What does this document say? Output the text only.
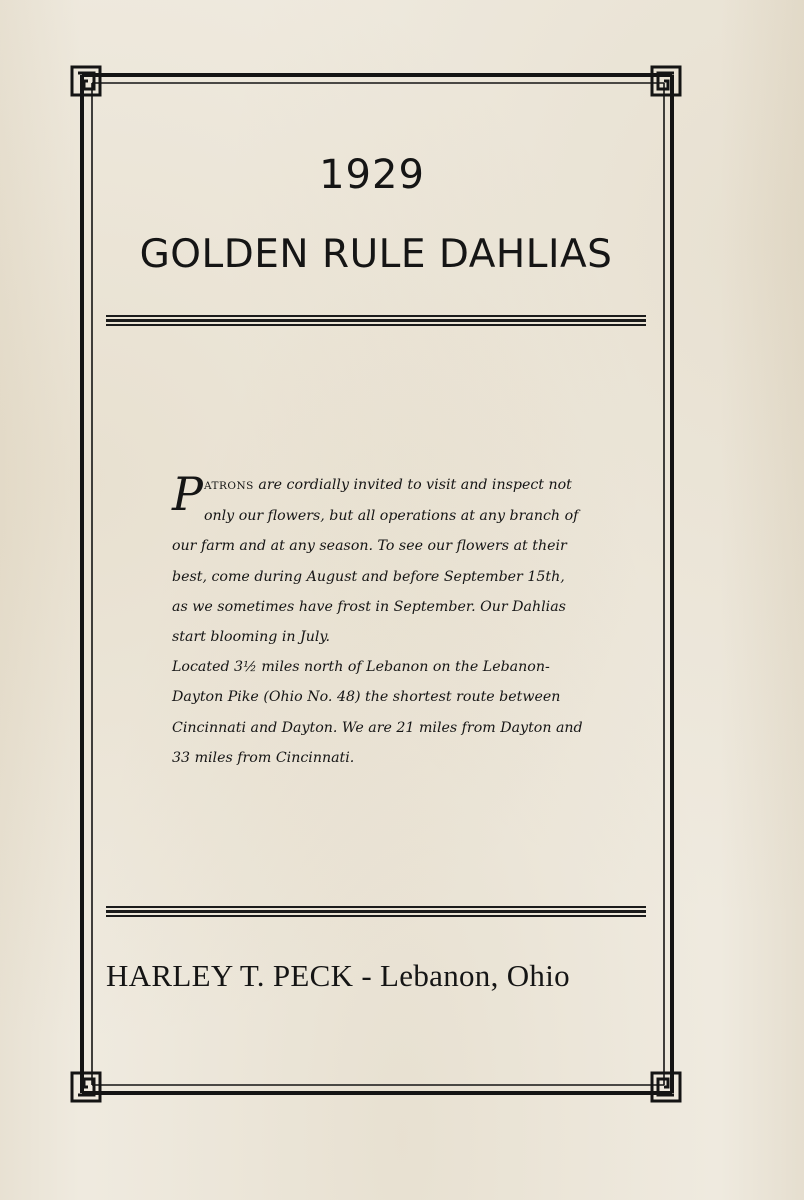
1929
GOLDEN RULE DAHLIAS

PATRONS are cordially invited to visit and inspect not only our flowers, but all operations at any branch of our farm and at any season. To see our flowers at their best, come during August and before September 15th, as we sometimes have frost in September. Our Dahlias start blooming in July.

Located 3½ miles north of Lebanon on the Lebanon-Dayton Pike (Ohio No. 48) the shortest route between Cincinnati and Dayton. We are 21 miles from Dayton and 33 miles from Cincinnati.

HARLEY T. PECK - Lebanon, Ohio
